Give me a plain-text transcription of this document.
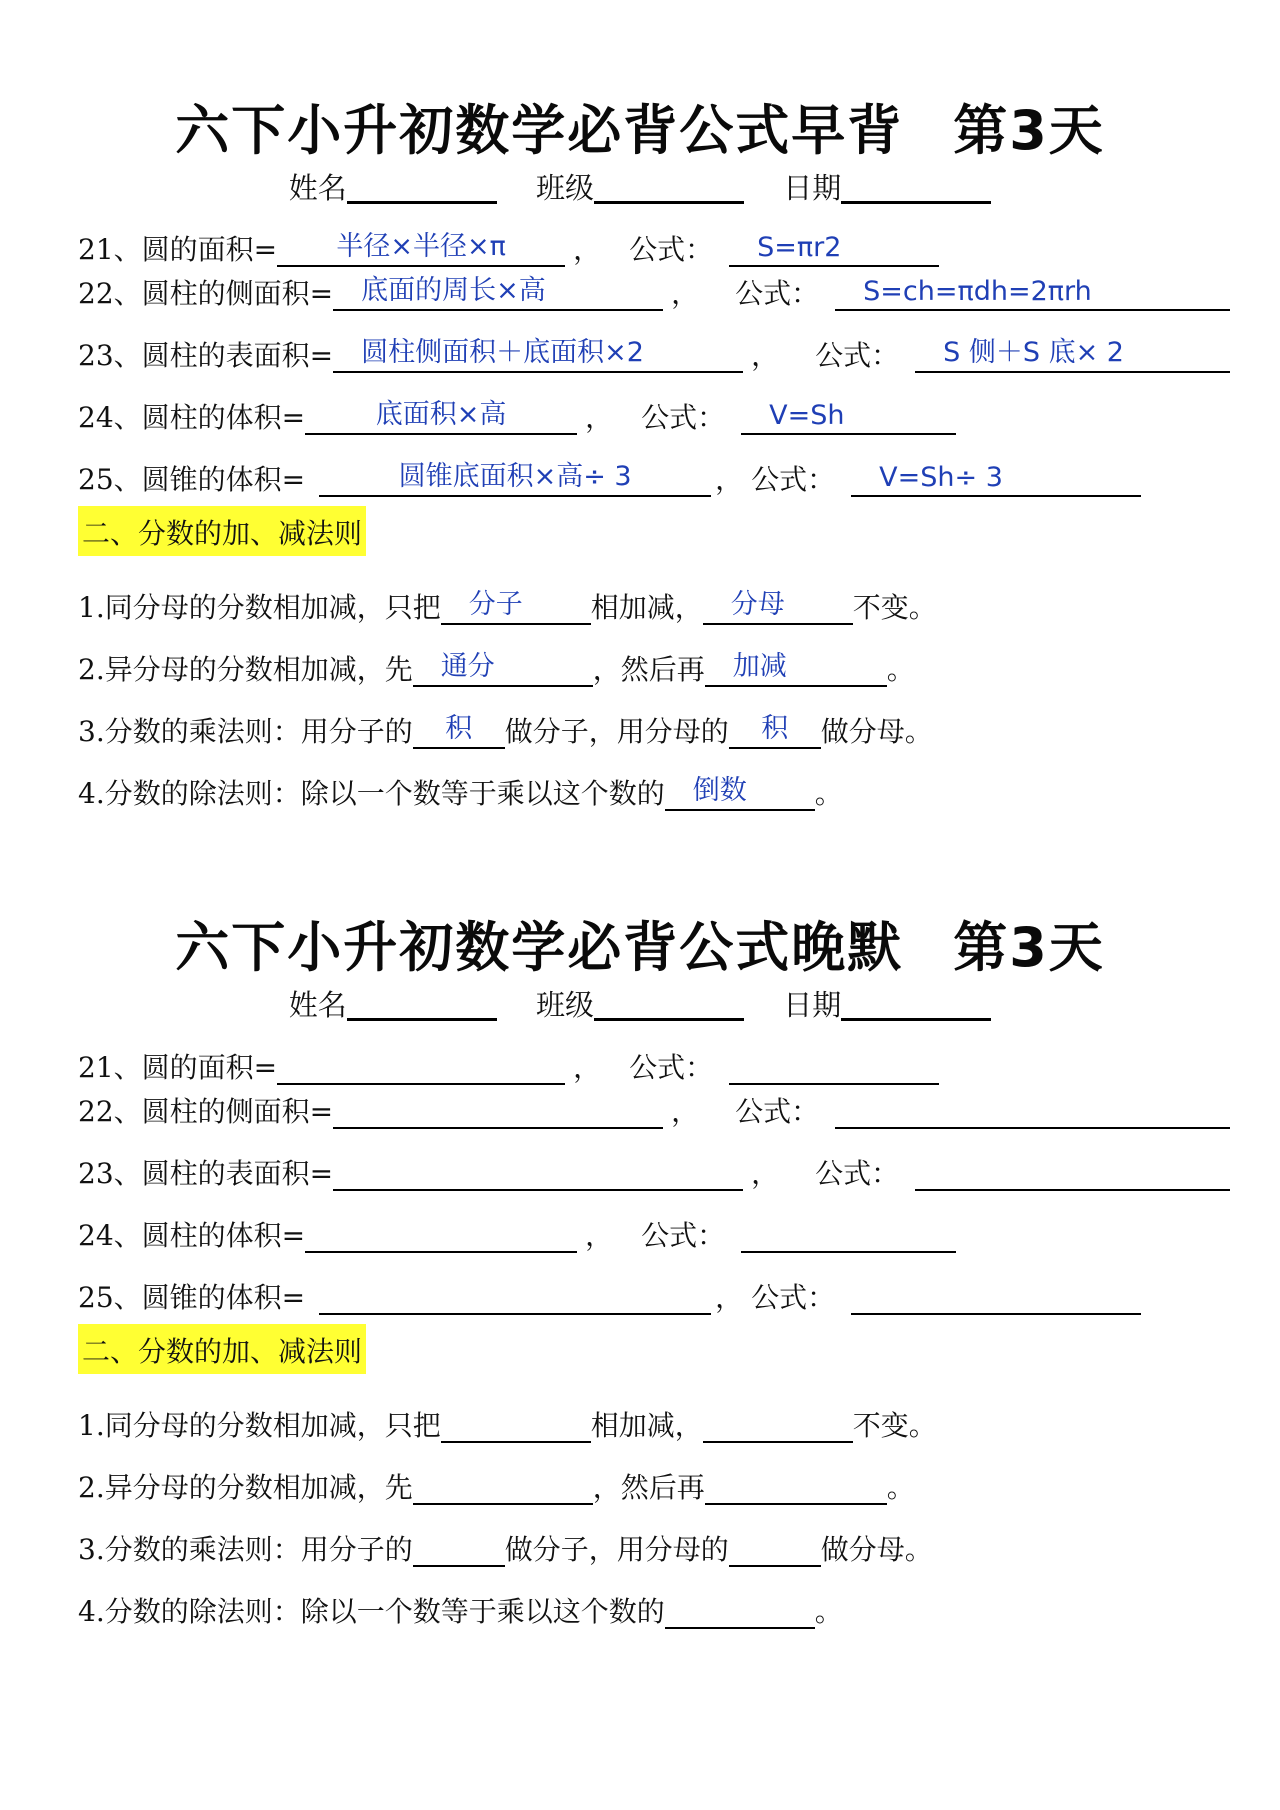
六下小升初数学必背公式早背 第3天
姓名	班级	日期
21、圆的面积=	半径×半径×π	， 公式：	S=πr2
22、圆柱的侧面积=	底面的周长×高	， 公式：	S=ch=πdh=2πrh
23、圆柱的表面积=	圆柱侧面积＋底面积×2	， 公式：	S 侧＋S 底× 2
24、圆柱的体积=	底面积×高	， 公式：	V=Sh
25、圆锥的体积=	圆锥底面积×高÷ 3	， 公式：	V=Sh÷ 3
二、分数的加、减法则
1.同分母的分数相加减，只把	分子	相加减，	分母	不变。
2.异分母的分数相加减，先	通分	，然后再	加减	。
3.分数的乘法则：用分子的	积	做分子，用分母的	积	做分母。
4.分数的除法则：除以一个数等于乘以这个数的	倒数	。
六下小升初数学必背公式晚默 第3天
姓名	班级	日期
21、圆的面积=	， 公式：
22、圆柱的侧面积=	， 公式：
23、圆柱的表面积=	， 公式：
24、圆柱的体积=	， 公式：
25、圆锥的体积=	， 公式：
二、分数的加、减法则
1.同分母的分数相加减，只把	相加减，	不变。
2.异分母的分数相加减，先	，然后再	。
3.分数的乘法则：用分子的	做分子，用分母的	做分母。
4.分数的除法则：除以一个数等于乘以这个数的	。
